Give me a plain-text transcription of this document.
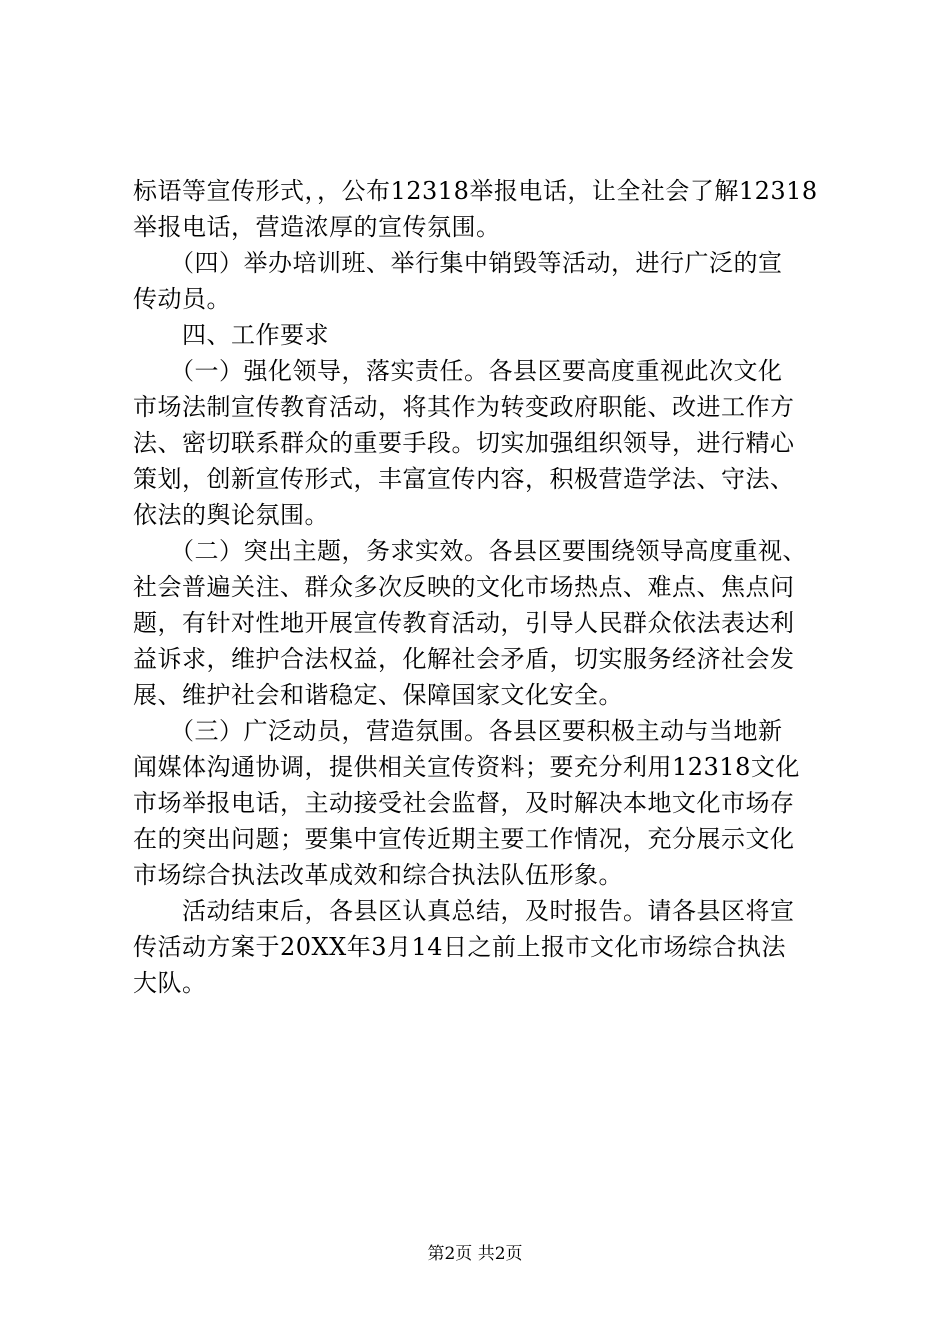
标语等宣传形式，，公布12318举报电话，让全社会了解12318
举报电话，营造浓厚的宣传氛围。
　　（四）举办培训班、举行集中销毁等活动，进行广泛的宣
传动员。
　　四、工作要求
　　（一）强化领导，落实责任。各县区要高度重视此次文化
市场法制宣传教育活动，将其作为转变政府职能、改进工作方
法、密切联系群众的重要手段。切实加强组织领导，进行精心
策划，创新宣传形式，丰富宣传内容，积极营造学法、守法、
依法的舆论氛围。
　　（二）突出主题，务求实效。各县区要围绕领导高度重视、
社会普遍关注、群众多次反映的文化市场热点、难点、焦点问
题，有针对性地开展宣传教育活动，引导人民群众依法表达利
益诉求，维护合法权益，化解社会矛盾，切实服务经济社会发
展、维护社会和谐稳定、保障国家文化安全。
　　（三）广泛动员，营造氛围。各县区要积极主动与当地新
闻媒体沟通协调，提供相关宣传资料；要充分利用12318文化
市场举报电话，主动接受社会监督，及时解决本地文化市场存
在的突出问题；要集中宣传近期主要工作情况，充分展示文化
市场综合执法改革成效和综合执法队伍形象。
　　活动结束后，各县区认真总结，及时报告。请各县区将宣
传活动方案于20XX年3月14日之前上报市文化市场综合执法
大队。
第2页 共2页
